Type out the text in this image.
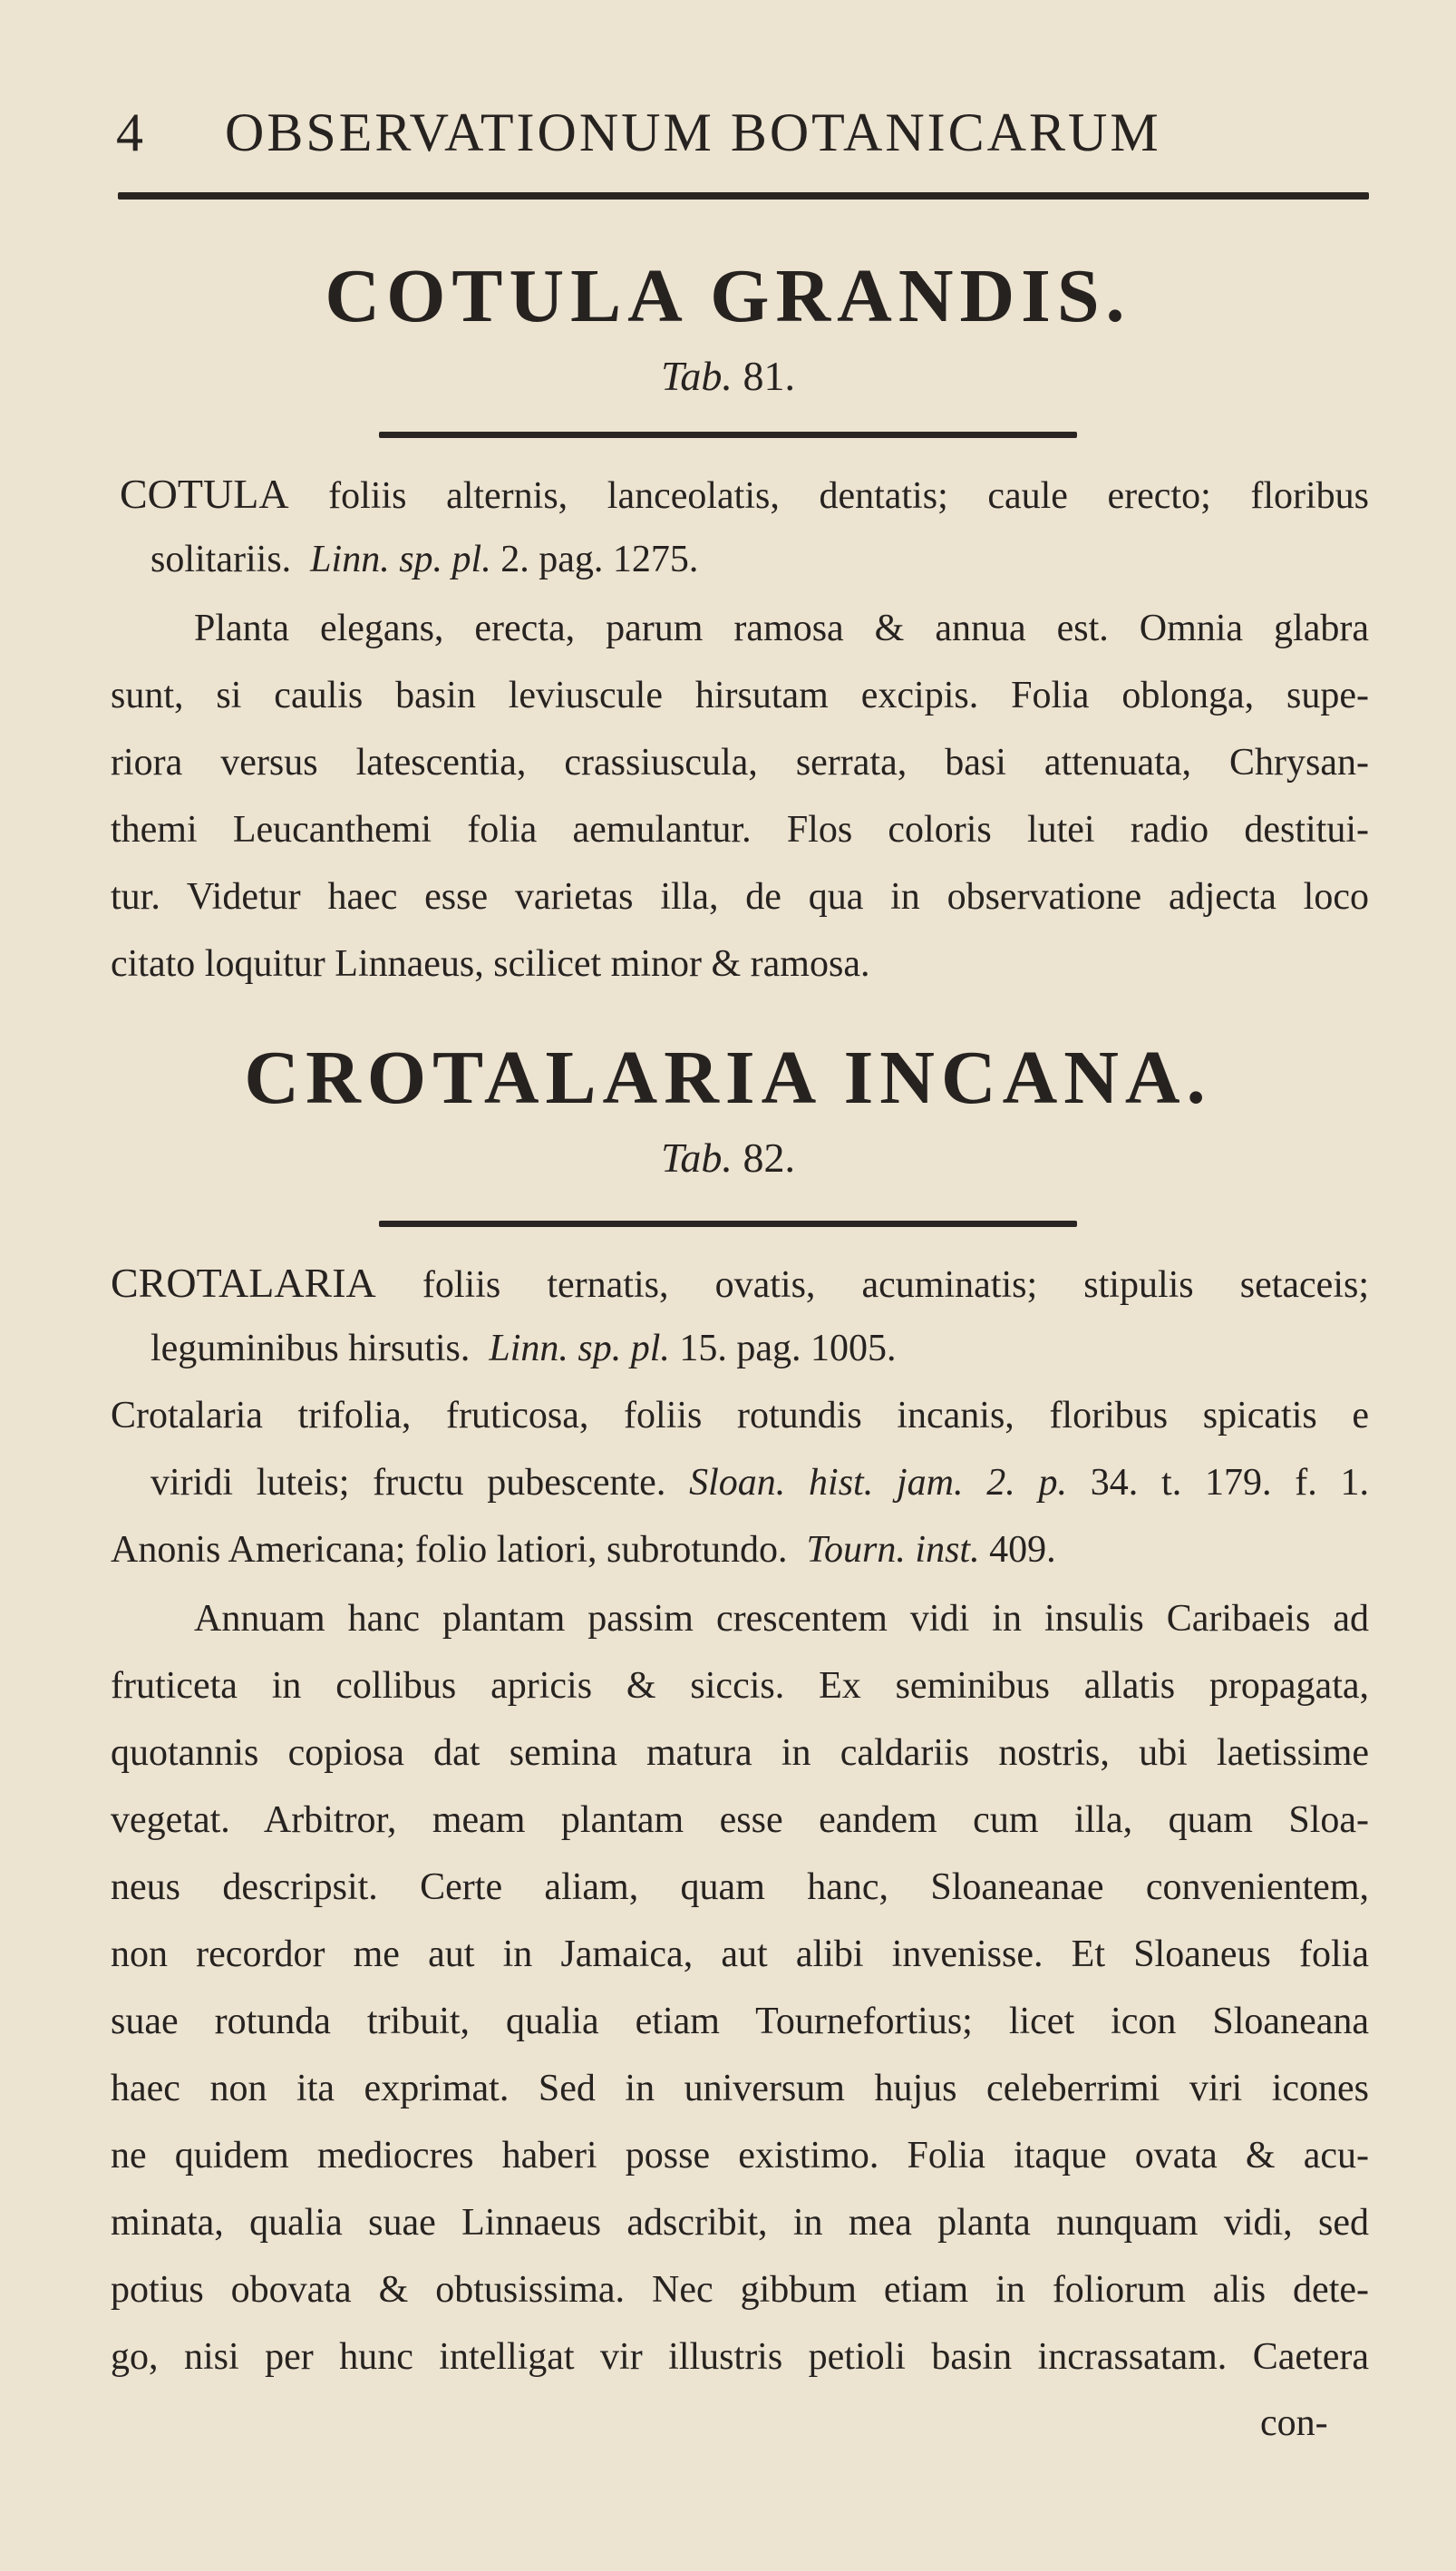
4 OBSERVATIONUM BOTANICARUM
COTULA GRANDIS.
Tab. 81.
COTULA foliis alternis, lanceolatis, dentatis; caule erecto; floribus
solitariis. Linn. sp. pl. 2. pag. 1275.
Planta elegans, erecta, parum ramosa & annua est. Omnia glabra
sunt, si caulis basin leviuscule hirsutam excipis. Folia oblonga, supe-
riora versus latescentia, crassiuscula, serrata, basi attenuata, Chrysan-
themi Leucanthemi folia aemulantur. Flos coloris lutei radio destitui-
tur. Videtur haec esse varietas illa, de qua in observatione adjecta loco
citato loquitur Linnaeus, scilicet minor & ramosa.
CROTALARIA INCANA.
Tab. 82.
CROTALARIA foliis ternatis, ovatis, acuminatis; stipulis setaceis;
leguminibus hirsutis. Linn. sp. pl. 15. pag. 1005.
Crotalaria trifolia, fruticosa, foliis rotundis incanis, floribus spicatis e
viridi luteis; fructu pubescente. Sloan. hist. jam. 2. p. 34. t. 179. f. 1.
Anonis Americana; folio latiori, subrotundo. Tourn. inst. 409.
Annuam hanc plantam passim crescentem vidi in insulis Caribaeis ad
fruticeta in collibus apricis & siccis. Ex seminibus allatis propagata,
quotannis copiosa dat semina matura in caldariis nostris, ubi laetissime
vegetat. Arbitror, meam plantam esse eandem cum illa, quam Sloa-
neus descripsit. Certe aliam, quam hanc, Sloaneanae convenientem,
non recordor me aut in Jamaica, aut alibi invenisse. Et Sloaneus folia
suae rotunda tribuit, qualia etiam Tournefortius; licet icon Sloaneana
haec non ita exprimat. Sed in universum hujus celeberrimi viri icones
ne quidem mediocres haberi posse existimo. Folia itaque ovata & acu-
minata, qualia suae Linnaeus adscribit, in mea planta nunquam vidi, sed
potius obovata & obtusissima. Nec gibbum etiam in foliorum alis dete-
go, nisi per hunc intelligat vir illustris petioli basin incrassatam. Caetera
con-
